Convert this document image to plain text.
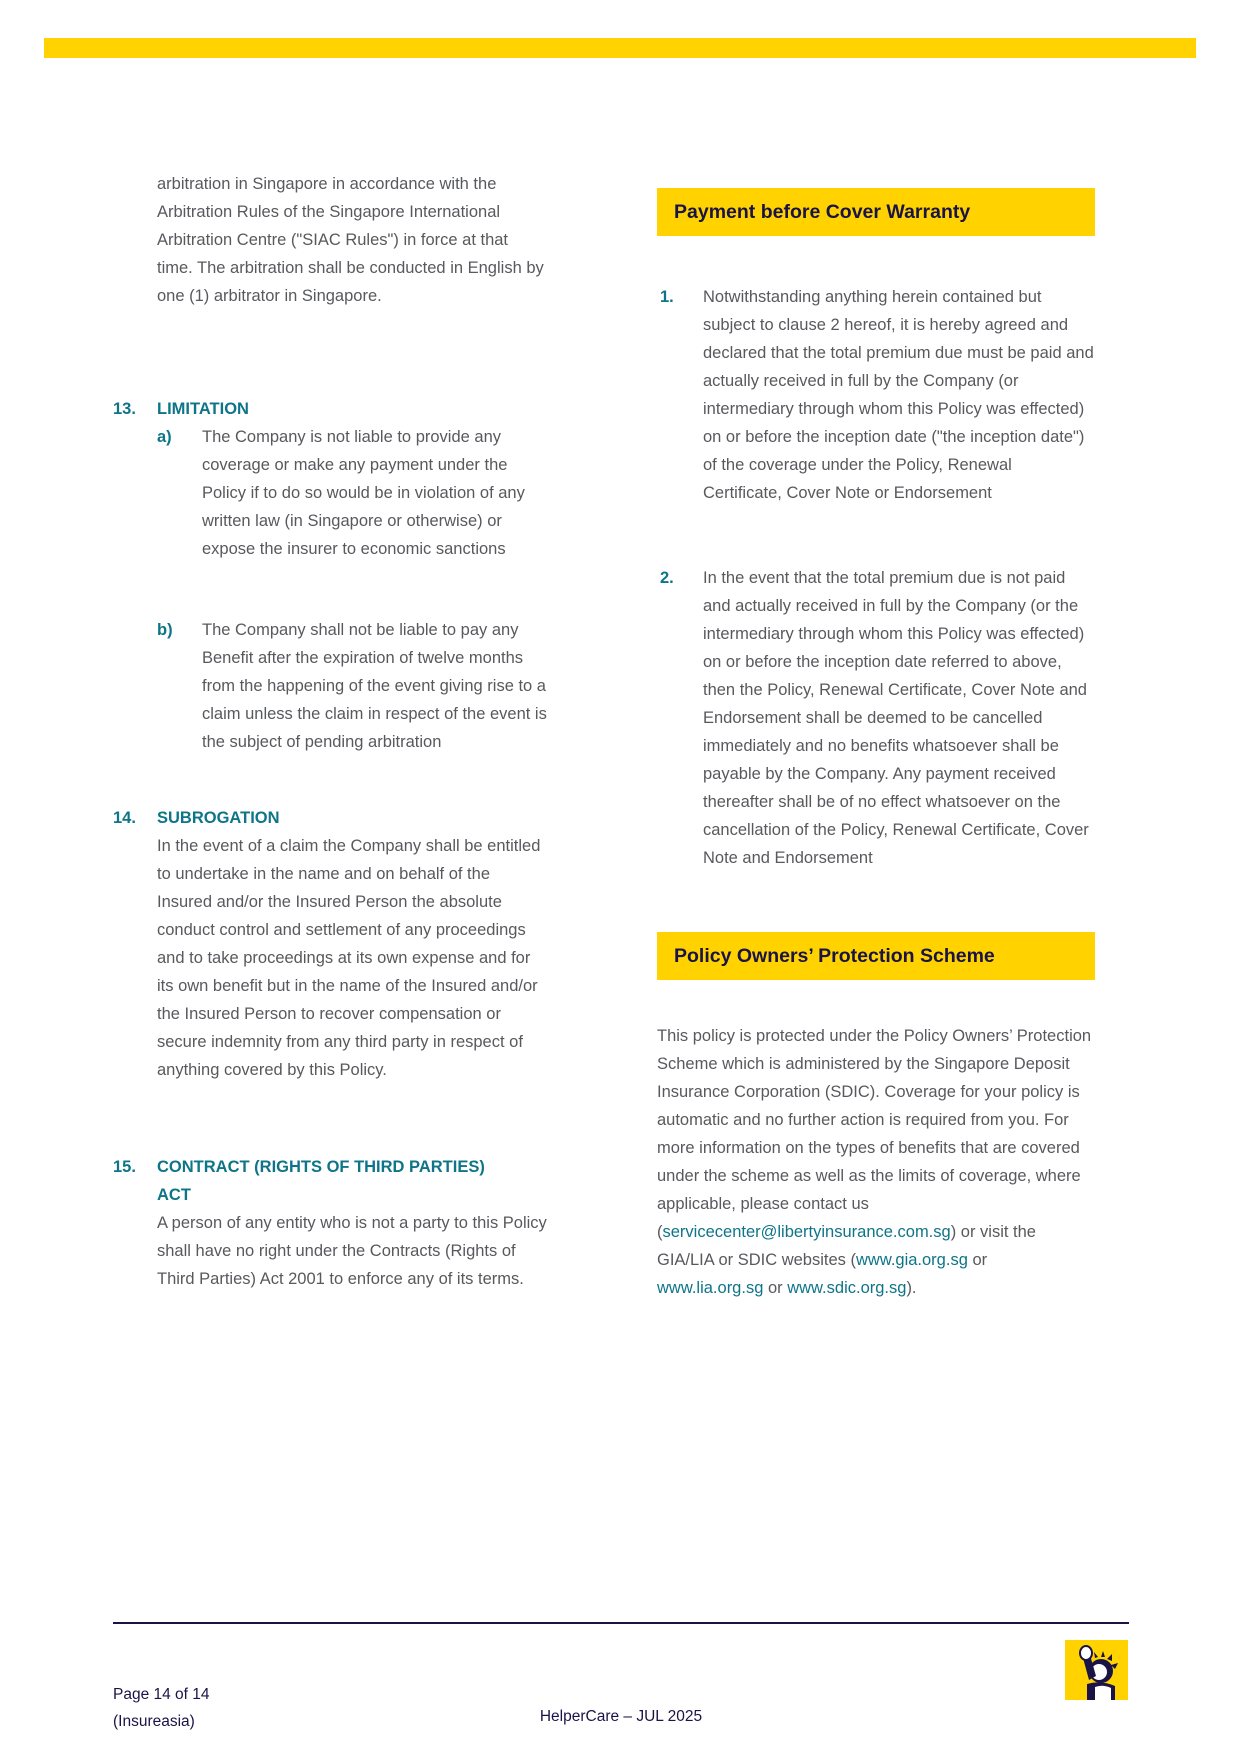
arbitration in Singapore in accordance with the Arbitration Rules of the Singapore International Arbitration Centre ("SIAC Rules") in force at that time. The arbitration shall be conducted in English by one (1) arbitrator in Singapore.

13.	LIMITATION
a)	The Company is not liable to provide any coverage or make any payment under the Policy if to do so would be in violation of any written law (in Singapore or otherwise) or expose the insurer to economic sanctions

b)	The Company shall not be liable to pay any Benefit after the expiration of twelve months from the happening of the event giving rise to a claim unless the claim in respect of the event is the subject of pending arbitration

14.	SUBROGATION

In the event of a claim the Company shall be entitled to undertake in the name and on behalf of the Insured and/or the Insured Person the absolute conduct control and settlement of any proceedings and to take proceedings at its own expense and for its own benefit but in the name of the Insured and/or the Insured Person to recover compensation or secure indemnity from any third party in respect of anything covered by this Policy.

15.	CONTRACT (RIGHTS OF THIRD PARTIES) ACT

A person of any entity who is not a party to this Policy shall have no right under the Contracts (Rights of Third Parties) Act 2001 to enforce any of its terms.

Payment before Cover Warranty
1.	Notwithstanding anything herein contained but subject to clause 2 hereof, it is hereby agreed and declared that the total premium due must be paid and actually received in full by the Company (or intermediary through whom this Policy was effected) on or before the inception date ("the inception date") of the coverage under the Policy, Renewal Certificate, Cover Note or Endorsement

2.	In the event that the total premium due is not paid and actually received in full by the Company (or the intermediary through whom this Policy was effected) on or before the inception date referred to above, then the Policy, Renewal Certificate, Cover Note and Endorsement shall be deemed to be cancelled immediately and no benefits whatsoever shall be payable by the Company. Any payment received thereafter shall be of no effect whatsoever on the cancellation of the Policy, Renewal Certificate, Cover Note and Endorsement

Policy Owners’ Protection Scheme

This policy is protected under the Policy Owners’ Protection Scheme which is administered by the Singapore Deposit Insurance Corporation (SDIC). Coverage for your policy is automatic and no further action is required from you. For more information on the types of benefits that are covered under the scheme as well as the limits of coverage, where applicable, please contact us (servicecenter@libertyinsurance.com.sg) or visit the GIA/LIA or SDIC websites (www.gia.org.sg or www.lia.org.sg or www.sdic.org.sg).

Page 14 of 14
(Insureasia)	HelperCare – JUL 2025
